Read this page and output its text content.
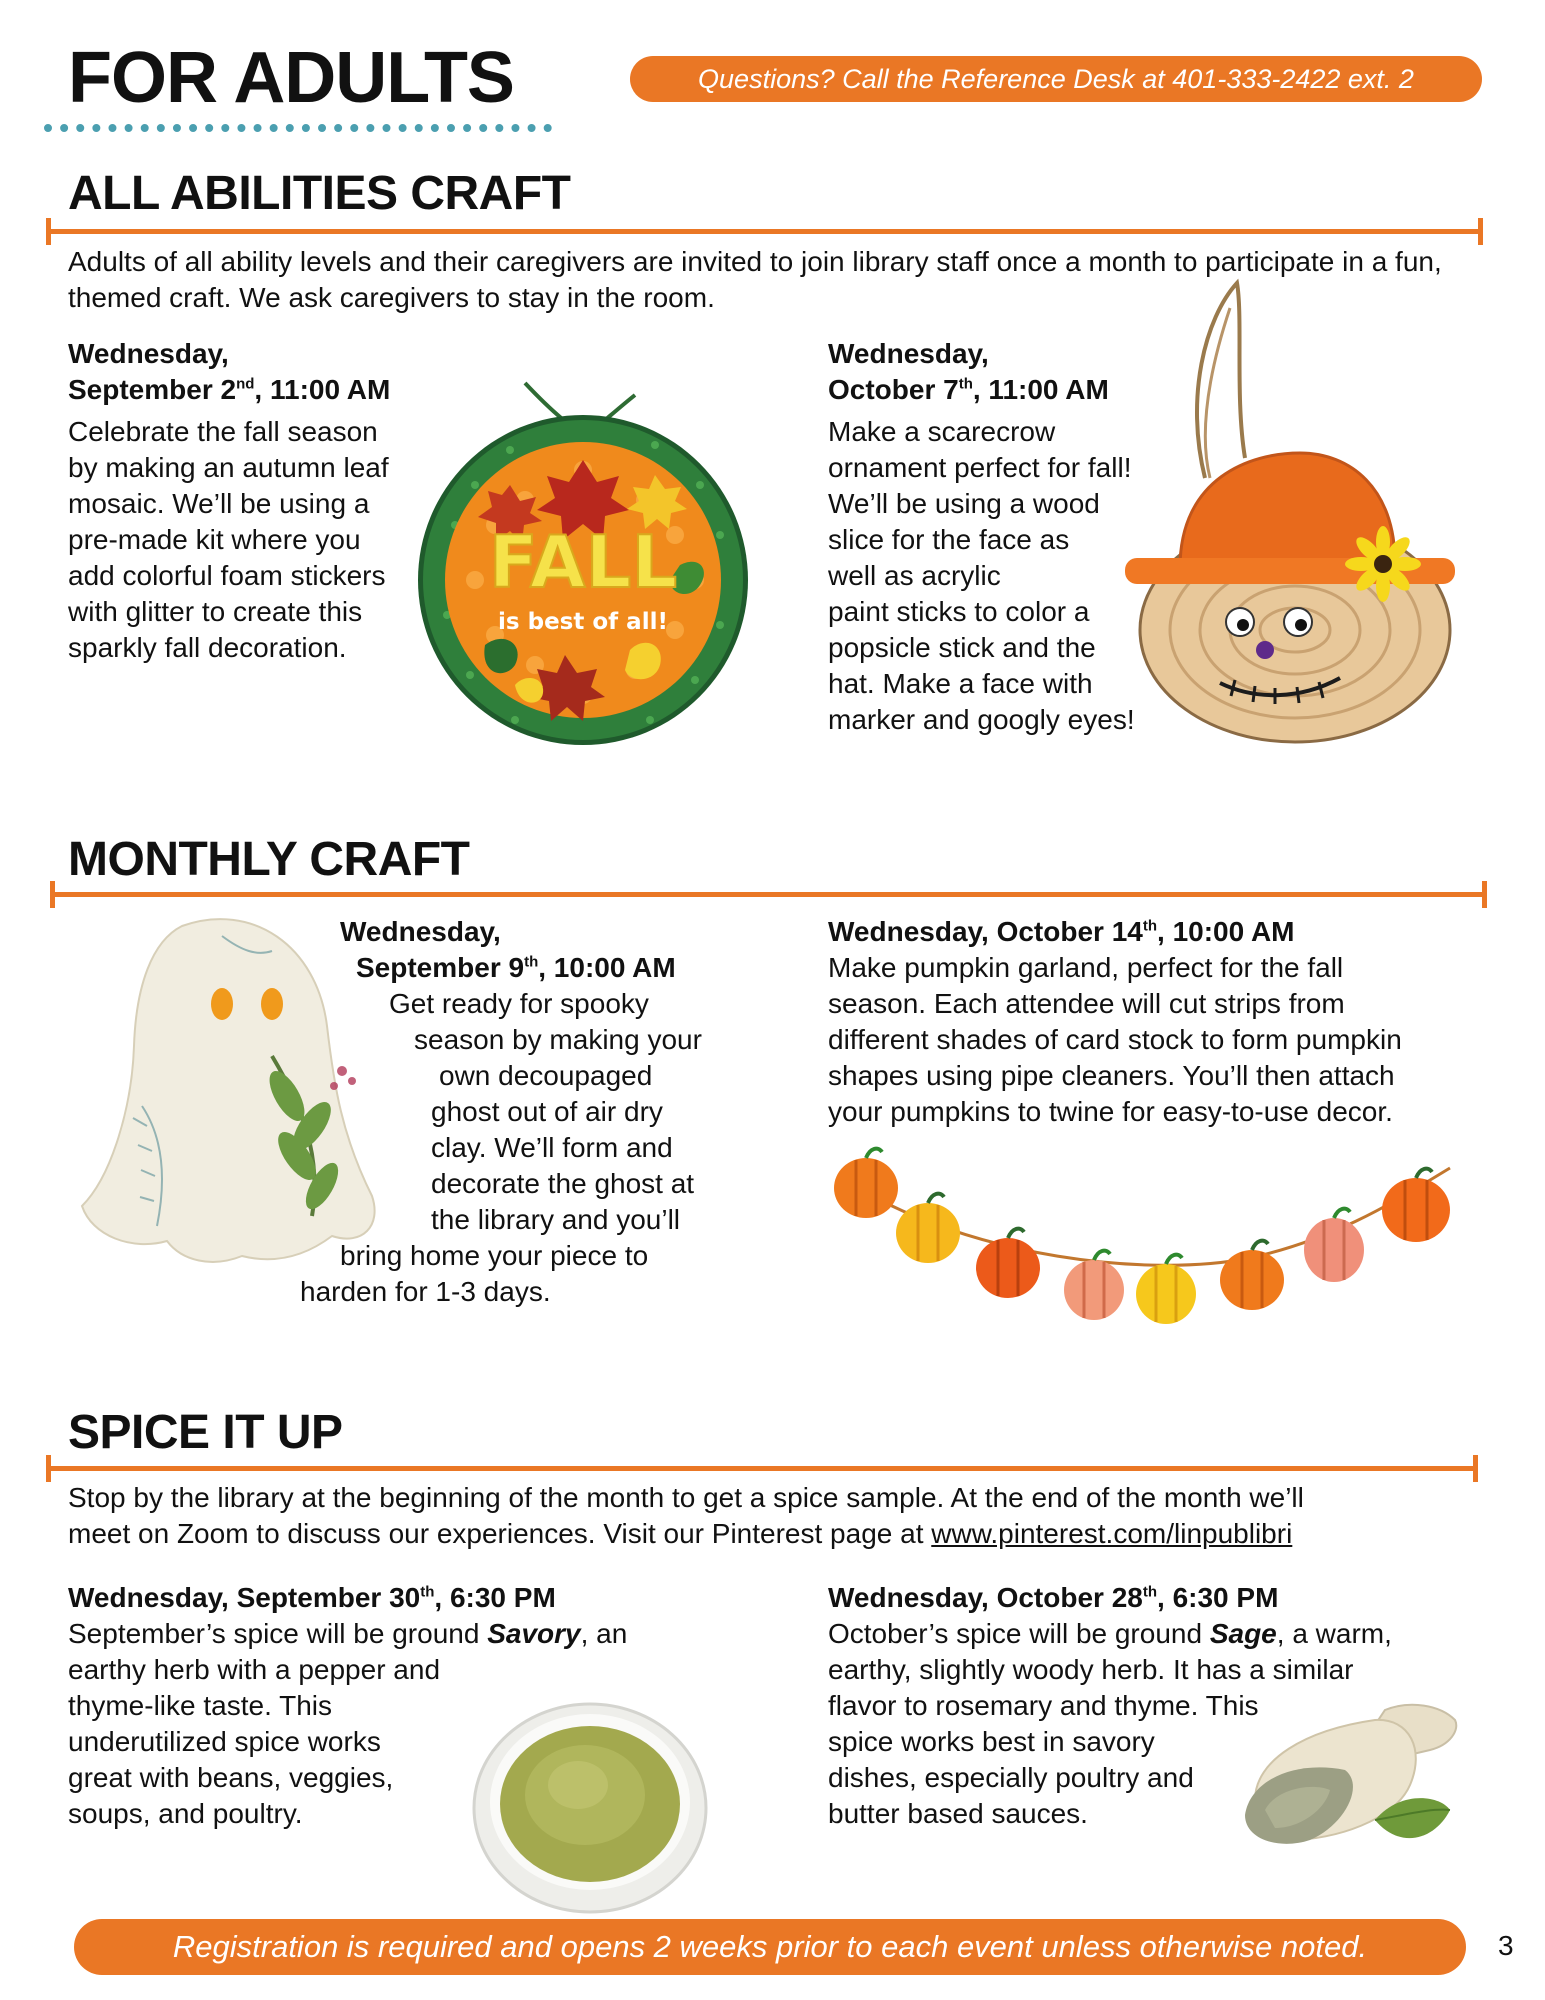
FOR ADULTS	Questions? Call the Reference Desk at 401-333-2422 ext. 2
ALL ABILITIES CRAFT

Adults of all ability levels and their caregivers are invited to join library staff once a month to participate in a fun, themed craft. We ask caregivers to stay in the room.

Wednesday,
September 2nd, 11:00 AM

Celebrate the fall season

by making an autumn leaf

mosaic. We’ll be using a

pre-made kit where you

add colorful foam stickers

with glitter to create this

sparkly fall decoration.

FALL
is best of all!

Wednesday,
October 7th, 11:00 AM

Make a scarecrow

ornament perfect for fall!

We’ll be using a wood

slice for the face as

well as acrylic

paint sticks to color a

popsicle stick and the

hat. Make a face with

marker and googly eyes!

MONTHLY CRAFT

Wednesday,

September 9th, 10:00 AM

Get ready for spooky

season by making your

own decoupaged

ghost out of air dry

clay. We’ll form and

decorate the ghost at

the library and you’ll

bring home your piece to

harden for 1-3 days.

Wednesday, October 14th, 10:00 AM

Make pumpkin garland, perfect for the fall

season. Each attendee will cut strips from

different shades of card stock to form pumpkin

shapes using pipe cleaners. You’ll then attach

your pumpkins to twine for easy-to-use decor.

SPICE IT UP

Stop by the library at the beginning of the month to get a spice sample. At the end of the month we’ll

meet on Zoom to discuss our experiences. Visit our Pinterest page at www.pinterest.com/linpublibri

Wednesday, September 30th, 6:30 PM

September’s spice will be ground Savory, an

earthy herb with a pepper and

thyme-like taste. This

underutilized spice works

great with beans, veggies,

soups, and poultry.

Wednesday, October 28th, 6:30 PM

October’s spice will be ground Sage, a warm,

earthy, slightly woody herb. It has a similar

flavor to rosemary and thyme. This

spice works best in savory

dishes, especially poultry and

butter based sauces.

Registration is required and opens 2 weeks prior to each event unless otherwise noted.	3
